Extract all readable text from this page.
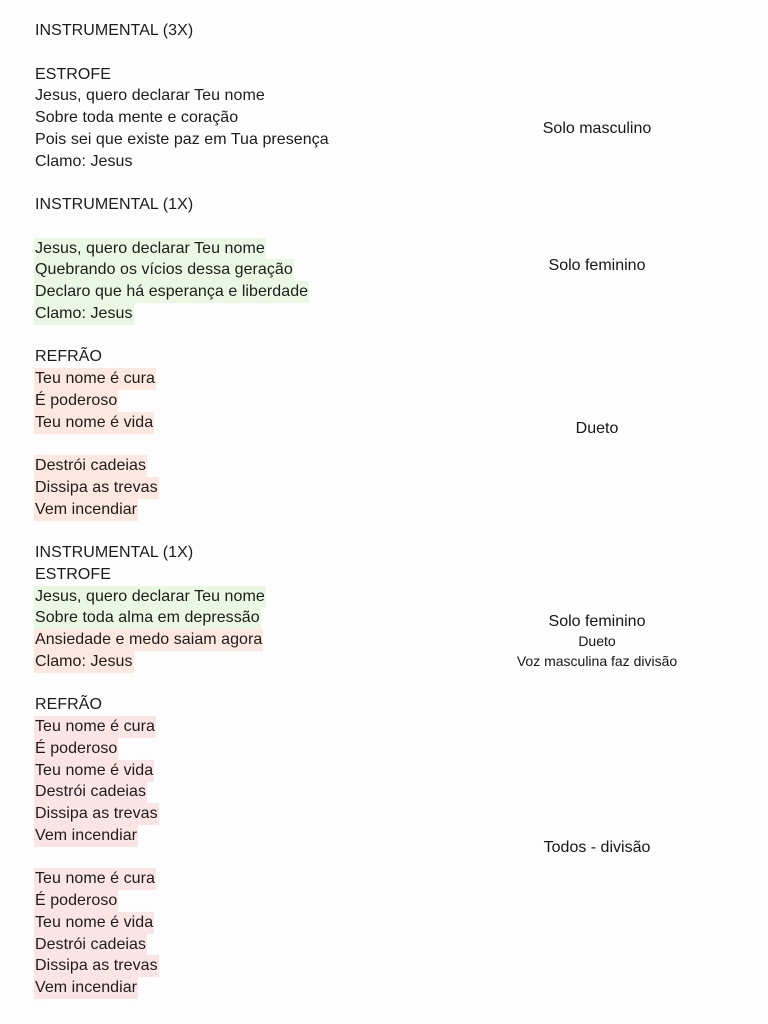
INSTRUMENTAL (3X)
ESTROFE
Jesus, quero declarar Teu nome
Sobre toda mente e coração
Pois sei que existe paz em Tua presença
Clamo: Jesus
INSTRUMENTAL (1X)
Jesus, quero declarar Teu nome
Quebrando os vícios dessa geração
Declaro que há esperança e liberdade
Clamo: Jesus
REFRÃO
Teu nome é cura
É poderoso
Teu nome é vida
Destrói cadeias
Dissipa as trevas
Vem incendiar
INSTRUMENTAL (1X)
ESTROFE
Jesus, quero declarar Teu nome
Sobre toda alma em depressão
Ansiedade e medo saiam agora
Clamo: Jesus
REFRÃO
Teu nome é cura
É poderoso
Teu nome é vida
Destrói cadeias
Dissipa as trevas
Vem incendiar
Teu nome é cura
É poderoso
Teu nome é vida
Destrói cadeias
Dissipa as trevas
Vem incendiar
Solo masculino
Solo feminino
Dueto
Solo feminino
Dueto
Voz masculina faz divisão
Todos - divisão
